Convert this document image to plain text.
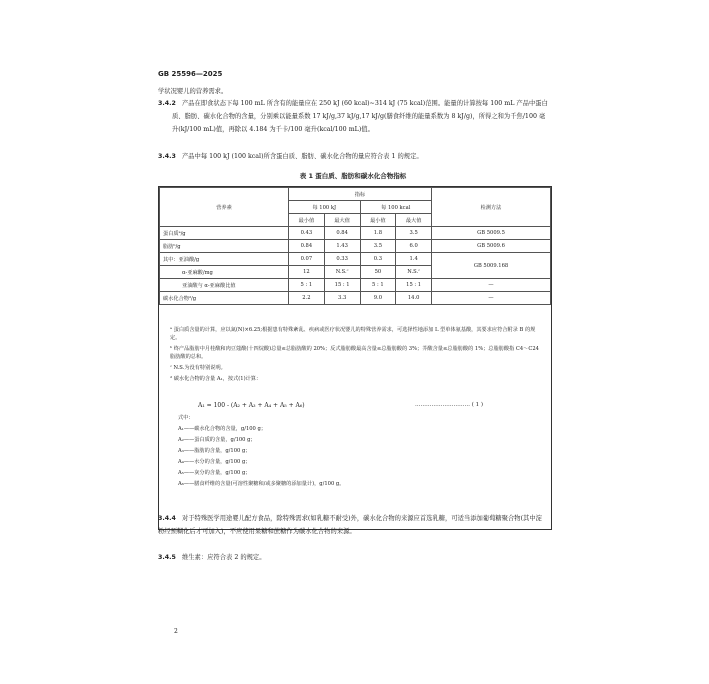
GB 25596—2025
学状况婴儿的营养需求。
3.4.2 产品在即食状态下每 100 mL 所含有的能量应在 250 kJ (60 kcal)~314 kJ (75 kcal)范围。能量的计算按每 100 mL 产品中蛋白质、脂肪、碳水化合物的含量，分别乘以能量系数 17 kJ/g,37 kJ/g,17 kJ/g(膳食纤维的能量系数为 8 kJ/g)，所得之和为千焦/100 毫升(kJ/100 mL)值，再除以 4.184 为千卡/100 毫升(kcal/100 mL)值。
3.4.3 产品中每 100 kJ (100 kcal)所含蛋白质、脂肪、碳水化合物的量应符合表 1 的规定。
表 1 蛋白质、脂肪和碳水化合物指标
营养素	指标				检测方法
	每 100 kJ		每 100 kcal		
	最小值	最大值	最小值	最大值	
蛋白质ᵃ/g	0.43	0.84	1.8	3.5	GB 5009.5
脂肪ᵇ/g	0.84	1.43	3.5	6.0	GB 5009.6
其中：亚油酸/g	0.07	0.33	0.3	1.4	GB 5009.168
α-亚麻酸/mg	12	N.S.ᶜ	50	N.S.ᶜ	
亚油酸与 α-亚麻酸比值	5 : 1	15 : 1	5 : 1	15 : 1	—
碳水化合物ᵈ/g	2.2	3.3	9.0	14.0	—
ᵃ 蛋白质含量的计算，应以氮(N)×6.25;根据患有特殊紊乱、疾病或医疗状况婴儿的特殊营养需求，可选择性地添加 L 型单体氨基酸，其要求应符合附录 B 的规定。
ᵇ 终产品脂肪中月桂酸和肉豆蔻酸(十四烷酸)总量≤总脂肪酸的 20%；反式脂肪酸最高含量≤总脂肪酸的 3%；芥酸含量≤总脂肪酸的 1%；总脂肪酸指 C4～C24 脂肪酸的总和。
ᶜ N.S.为没有特别说明。
ᵈ 碳水化合物的含量 A₁，按式(1)计算：
A₁ = 100 - (A₂ + A₃ + A₄ + A₅ + A₆)	………………………… ( 1 )
式中：
A₁——碳水化合物的含量，g/100 g；
A₂——蛋白质的含量，g/100 g；
A₃——脂肪的含量，g/100 g；
A₄——水分的含量，g/100 g；
A₅——灰分的含量，g/100 g；
A₆——膳食纤维的含量(可溶性聚糖和/或多聚糖的添加量计)，g/100 g。
3.4.4 对于特殊医学用途婴儿配方食品，除特殊需求(如乳糖不耐受)外，碳水化合物的来源应首选乳糖，可适当添加葡萄糖聚合物(其中淀粉经预糊化后才可加入)，不应使用果糖和蔗糖作为碳水化合物的来源。
3.4.5 维生素：应符合表 2 的规定。
2
